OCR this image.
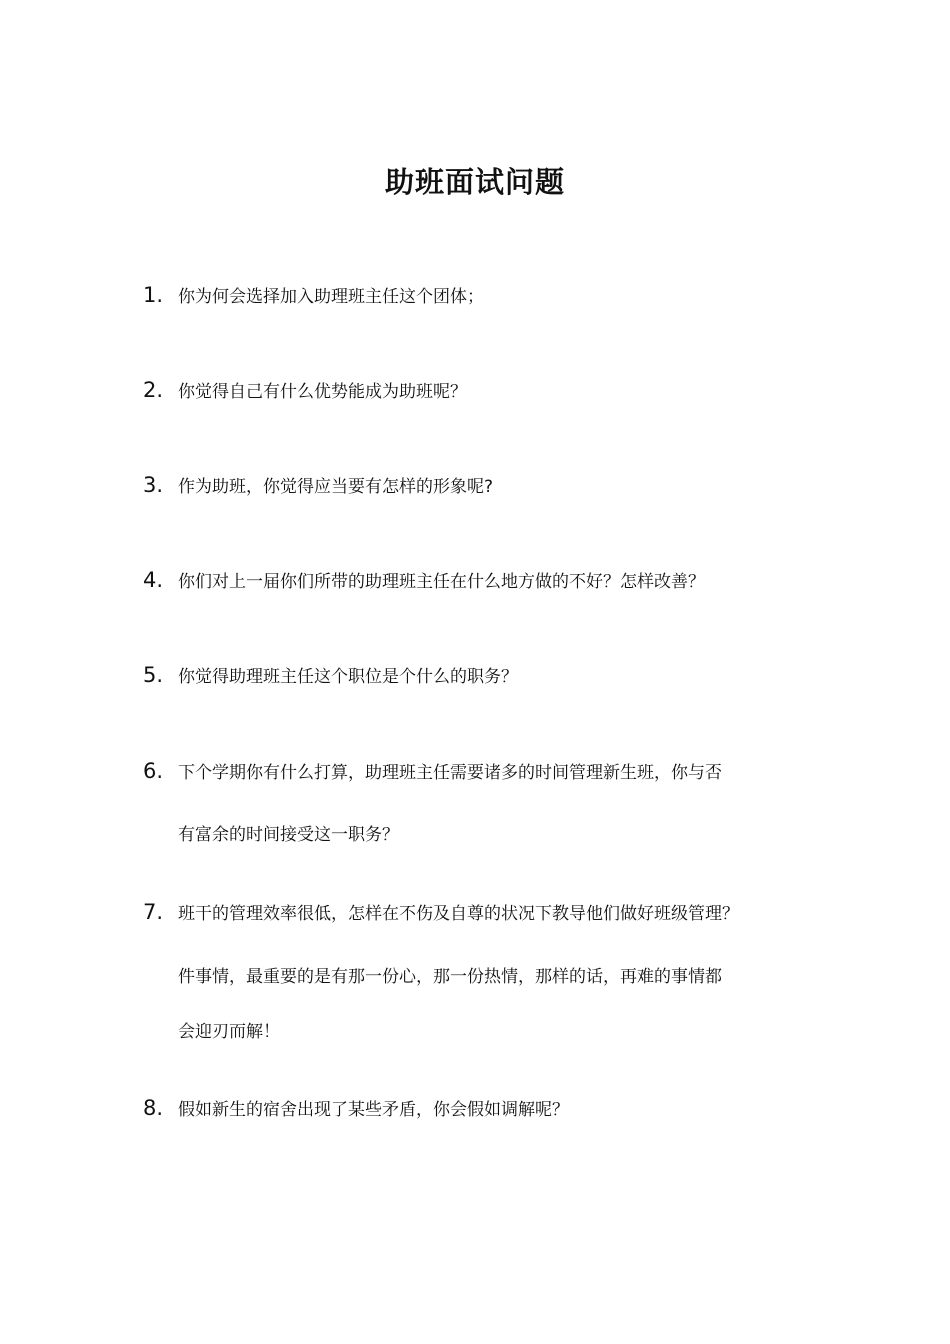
助班面试问题
1. 你为何会选择加入助理班主任这个团体；
2. 你觉得自己有什么优势能成为助班呢？
3. 作为助班，你觉得应当要有怎样的形象呢?
4. 你们对上一届你们所带的助理班主任在什么地方做的不好？怎样改善？
5. 你觉得助理班主任这个职位是个什么的职务？
6. 下个学期你有什么打算，助理班主任需要诸多的时间管理新生班，你与否
有富余的时间接受这一职务？
7. 班干的管理效率很低，怎样在不伤及自尊的状况下教导他们做好班级管理？
件事情，最重要的是有那一份心，那一份热情，那样的话，再难的事情都
会迎刃而解！
8. 假如新生的宿舍出现了某些矛盾，你会假如调解呢？
